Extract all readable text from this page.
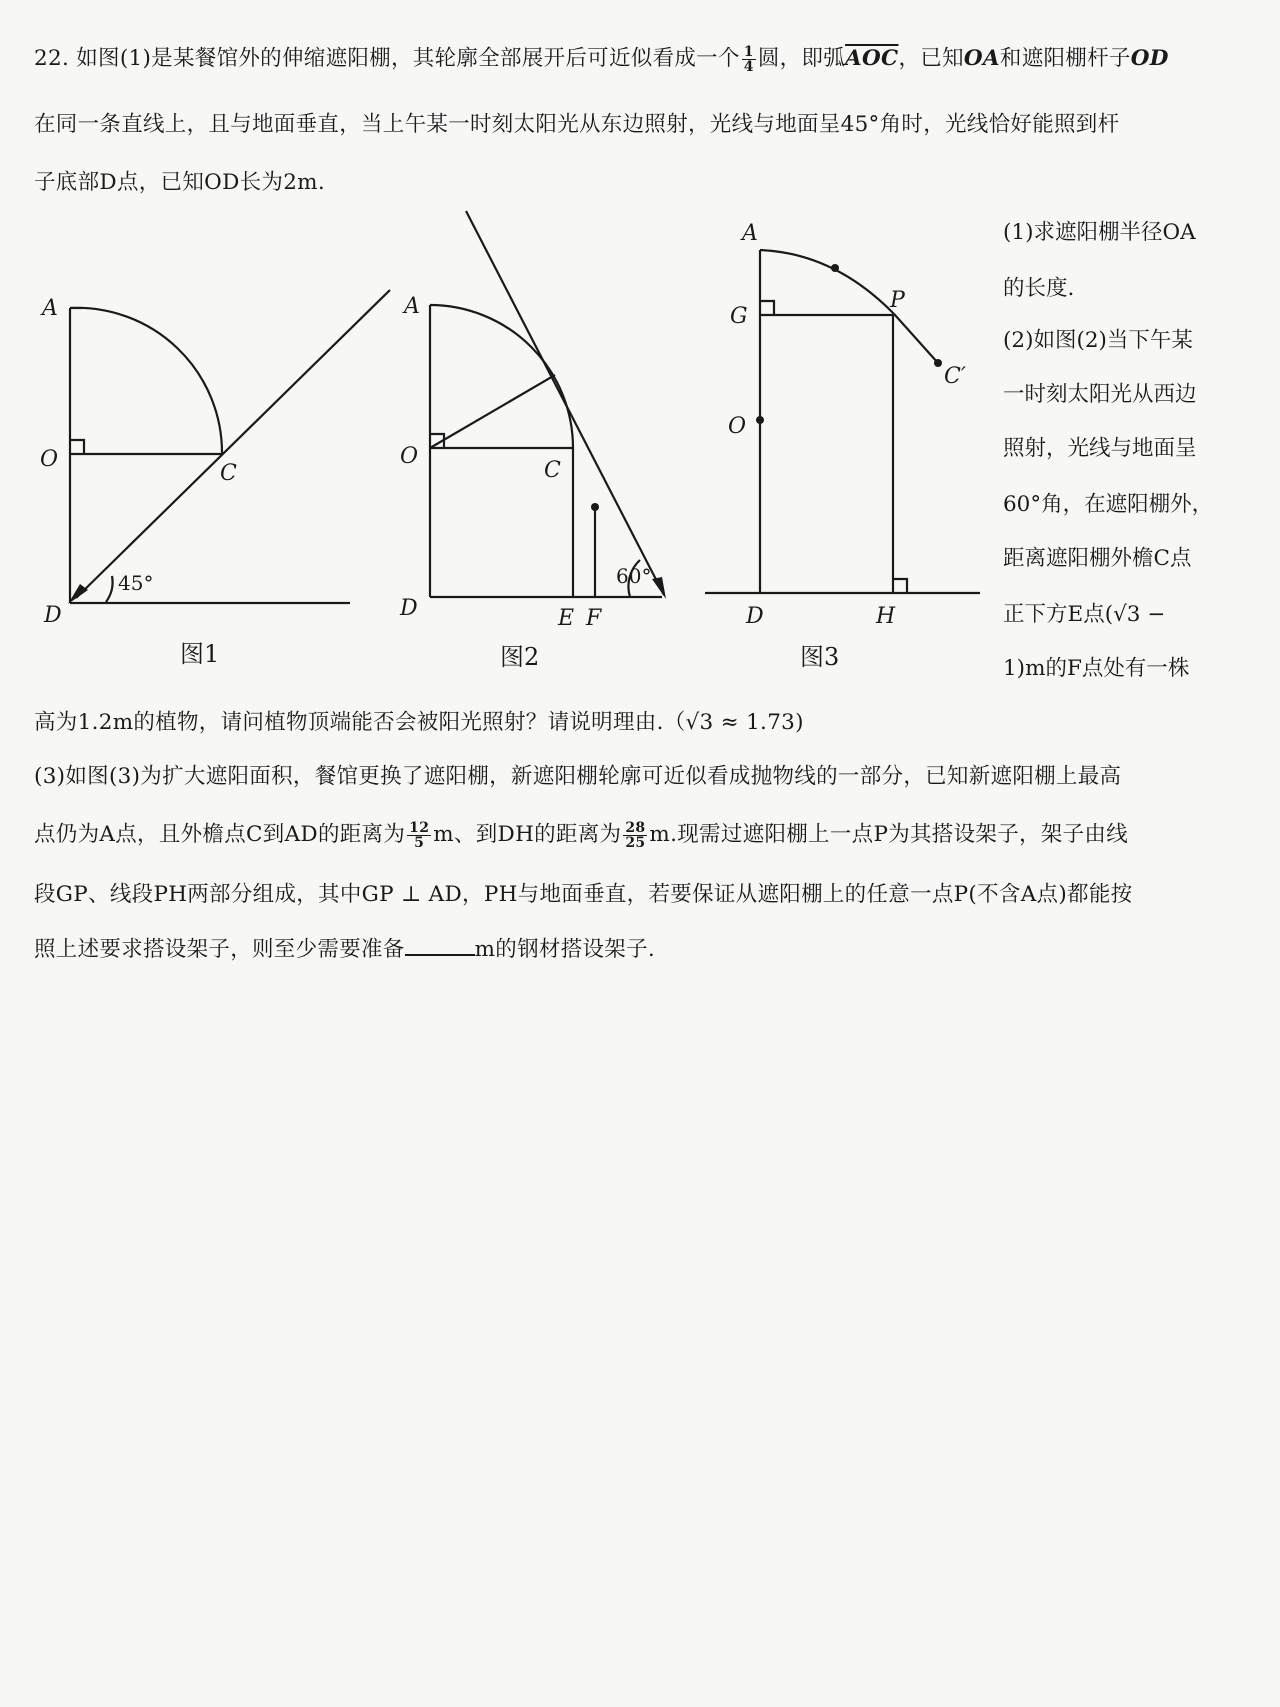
22. 如图(1)是某餐馆外的伸缩遮阳棚，其轮廓全部展开后可近似看成一个 $\frac{1}{4}$ 圆，即弧$\overline{AOC}$，已知OA和遮阳棚杆子OD
在同一条直线上，且与地面垂直，当上午某一时刻太阳光从东边照射，光线与地面呈45°角时，光线恰好能照到杆
子底部D点，已知OD长为2m.
(1)求遮阳棚半径OA
的长度.
(2)如图(2)当下午某
一时刻太阳光从西边
照射，光线与地面呈
60°角，在遮阳棚外，
距离遮阳棚外檐C点
正下方E点(√3 −
1)m的F点处有一株
高为1.2m的植物，请问植物顶端能否会被阳光照射？请说明理由.（√3 ≈ 1.73)
(3)如图(3)为扩大遮阳面积，餐馆更换了遮阳棚，新遮阳棚轮廓可近似看成抛物线的一部分，已知新遮阳棚上最高
点仍为A点，且外檐点C到AD的距离为 $\frac{12}{5}$ m、到DH的距离为 $\frac{28}{25} m$.现需过遮阳棚上一点P为其搭设架子，架子由线
段GP、线段PH两部分组成，其中GP ⊥ AD，PH与地面垂直，若要保证从遮阳棚上的任意一点P(不含A点)都能按
照上述要求搭设架子，则至少需要准备	m的钢材搭设架子.
A
O
C
D
45°
图1
A
O
C
D	E F
60°
图2
A
G
P
C′
O
D	H
图3
